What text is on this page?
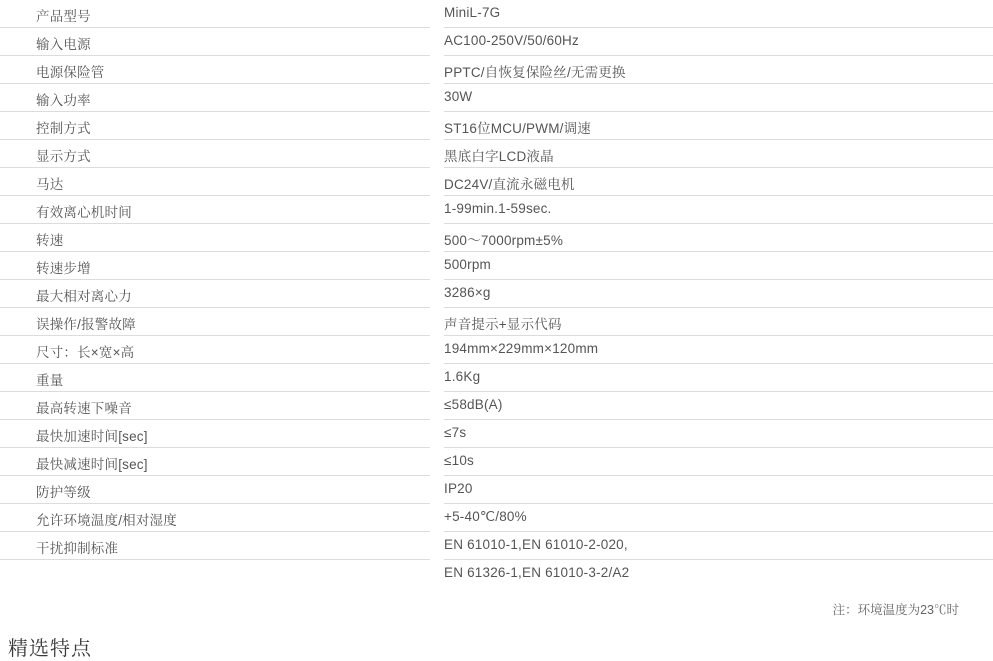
产品型号	MiniL-7G
输入电源	AC100-250V/50/60Hz
电源保险管	PPTC/自恢复保险丝/无需更换
输入功率	30W
控制方式	ST16位MCU/PWM/调速
显示方式	黑底白字LCD液晶
马达	DC24V/直流永磁电机
有效离心机时间	1-99min.1-59sec.
转速	500～7000rpm±5%
转速步增	500rpm
最大相对离心力	3286×g
误操作/报警故障	声音提示+显示代码
尺寸：长×宽×高	194mm×229mm×120mm
重量	1.6Kg
最高转速下噪音	≤58dB(A)
最快加速时间[sec]	≤7s
最快减速时间[sec]	≤10s
防护等级	IP20
允许环境温度/相对湿度	+5-40℃/80%
干扰抑制标准	EN 61010-1,EN 61010-2-020,
EN 61326-1,EN 61010-3-2/A2
注：环境温度为23℃时
精选特点
